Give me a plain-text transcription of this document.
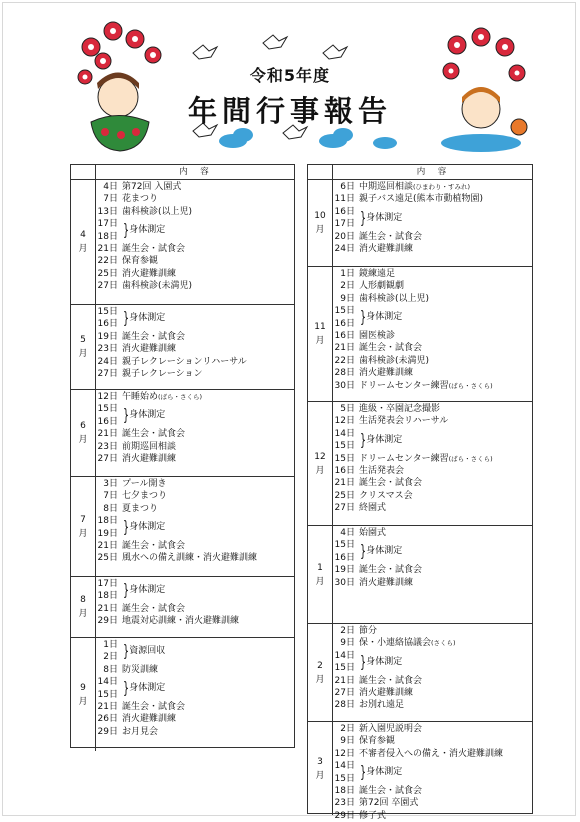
令和5年度
年間行事報告
内　容
4
月
4日 第72回 入園式
7日 花まつり
13日 歯科検診(以上児)
17日
18日
21日 誕生会・試食会
22日 保育参観
25日 消火避難訓練
27日 歯科検診(未満児)
}身体測定
5
月
15日
16日
19日 誕生会・試食会
23日 消火避難訓練
24日 親子レクレーションリハーサル
27日 親子レクレーション
}身体測定
6
月
12日 午睡始め (ばら・さくら)
15日
16日
21日 誕生会・試食会
23日 前期巡回相談
27日 消火避難訓練
}身体測定
7
月
3日 プール開き
7日 七夕まつり
8日 夏まつり
18日
19日
21日 誕生会・試食会
25日 風水への備え訓練・消火避難訓練
}身体測定
8
月
17日
18日
21日 誕生会・試食会
29日 地震対応訓練・消火避難訓練
}身体測定
9
月
1日
2日
8日 防災訓練
14日
15日
21日 誕生会・試食会
26日 消火避難訓練
29日 お月見会
}資源回収
}身体測定
内　容
10
月
6日 中期巡回相談 (ひまわり・すみれ)
11日 親子バス遠足(熊本市動植物園)
16日
17日
20日 誕生会・試食会
24日 消火避難訓練
}身体測定
11
月
1日 鏡練遠足
2日 人形劇観劇
9日 歯科検診(以上児)
15日
16日
16日 園医検診
21日 誕生会・試食会
22日 歯科検診(未満児)
28日 消火避難訓練
30日 ドリームセンター練習 (ばら・さくら)
}身体測定
12
月
5日 進級・卒園記念撮影
12日 生活発表会リハーサル
14日
15日
15日 ドリームセンター練習 (ばら・さくら)
16日 生活発表会
21日 誕生会・試食会
25日 クリスマス会
27日 終園式
}身体測定
1
月
4日 始園式
15日
16日
19日 誕生会・試食会
30日 消火避難訓練
}身体測定
2
月
2日 節分
9日 保・小連絡協議会 (さくら)
14日
15日
21日 誕生会・試食会
27日 消火避難訓練
28日 お別れ遠足
}身体測定
3
月
2日 新入園児説明会
9日 保育参観
12日 不審者侵入への備え・消火避難訓練
14日
15日
18日 誕生会・試食会
23日 第72回 卒園式
29日 修了式
}身体測定
